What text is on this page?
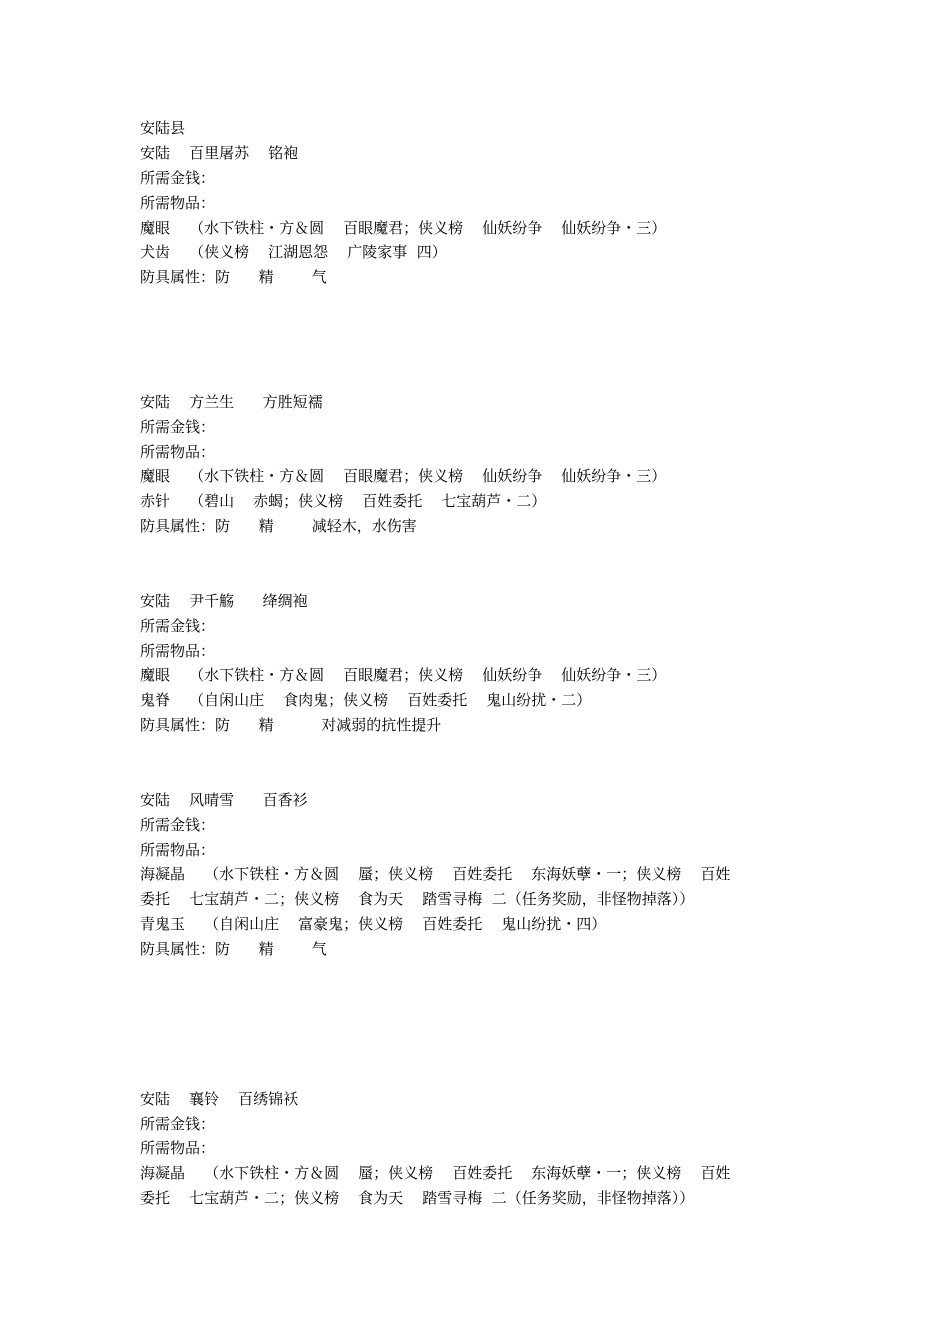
安陆县
安陆    百里屠苏    铭袍
所需金钱：
所需物品：
魔眼    （水下铁柱・方＆圆    百眼魔君；侠义榜    仙妖纷争    仙妖纷争・三）
犬齿    （侠义榜    江湖恩怨    广陵家事  四）
防具属性：防      精        气
安陆    方兰生      方胜短襦
所需金钱：
所需物品：
魔眼    （水下铁柱・方＆圆    百眼魔君；侠义榜    仙妖纷争    仙妖纷争・三）
赤针    （碧山    赤蝎；侠义榜    百姓委托    七宝葫芦・二）
防具属性：防      精        减轻木，水伤害
安陆    尹千觞      绛绸袍
所需金钱：
所需物品：
魔眼    （水下铁柱・方＆圆    百眼魔君；侠义榜    仙妖纷争    仙妖纷争・三）
鬼脊    （自闲山庄    食肉鬼；侠义榜    百姓委托    鬼山纷扰・二）
防具属性：防      精          对减弱的抗性提升
安陆    风晴雪      百香衫
所需金钱：
所需物品：
海凝晶    （水下铁柱・方＆圆    蜃；侠义榜    百姓委托    东海妖孽・一；侠义榜    百姓
委托    七宝葫芦・二；侠义榜    食为天    踏雪寻梅  二（任务奖励，非怪物掉落））
青鬼玉    （自闲山庄    富豪鬼；侠义榜    百姓委托    鬼山纷扰・四）
防具属性：防      精        气
安陆    襄铃    百绣锦袄
所需金钱：
所需物品：
海凝晶    （水下铁柱・方＆圆    蜃；侠义榜    百姓委托    东海妖孽・一；侠义榜    百姓
委托    七宝葫芦・二；侠义榜    食为天    踏雪寻梅  二（任务奖励，非怪物掉落））
